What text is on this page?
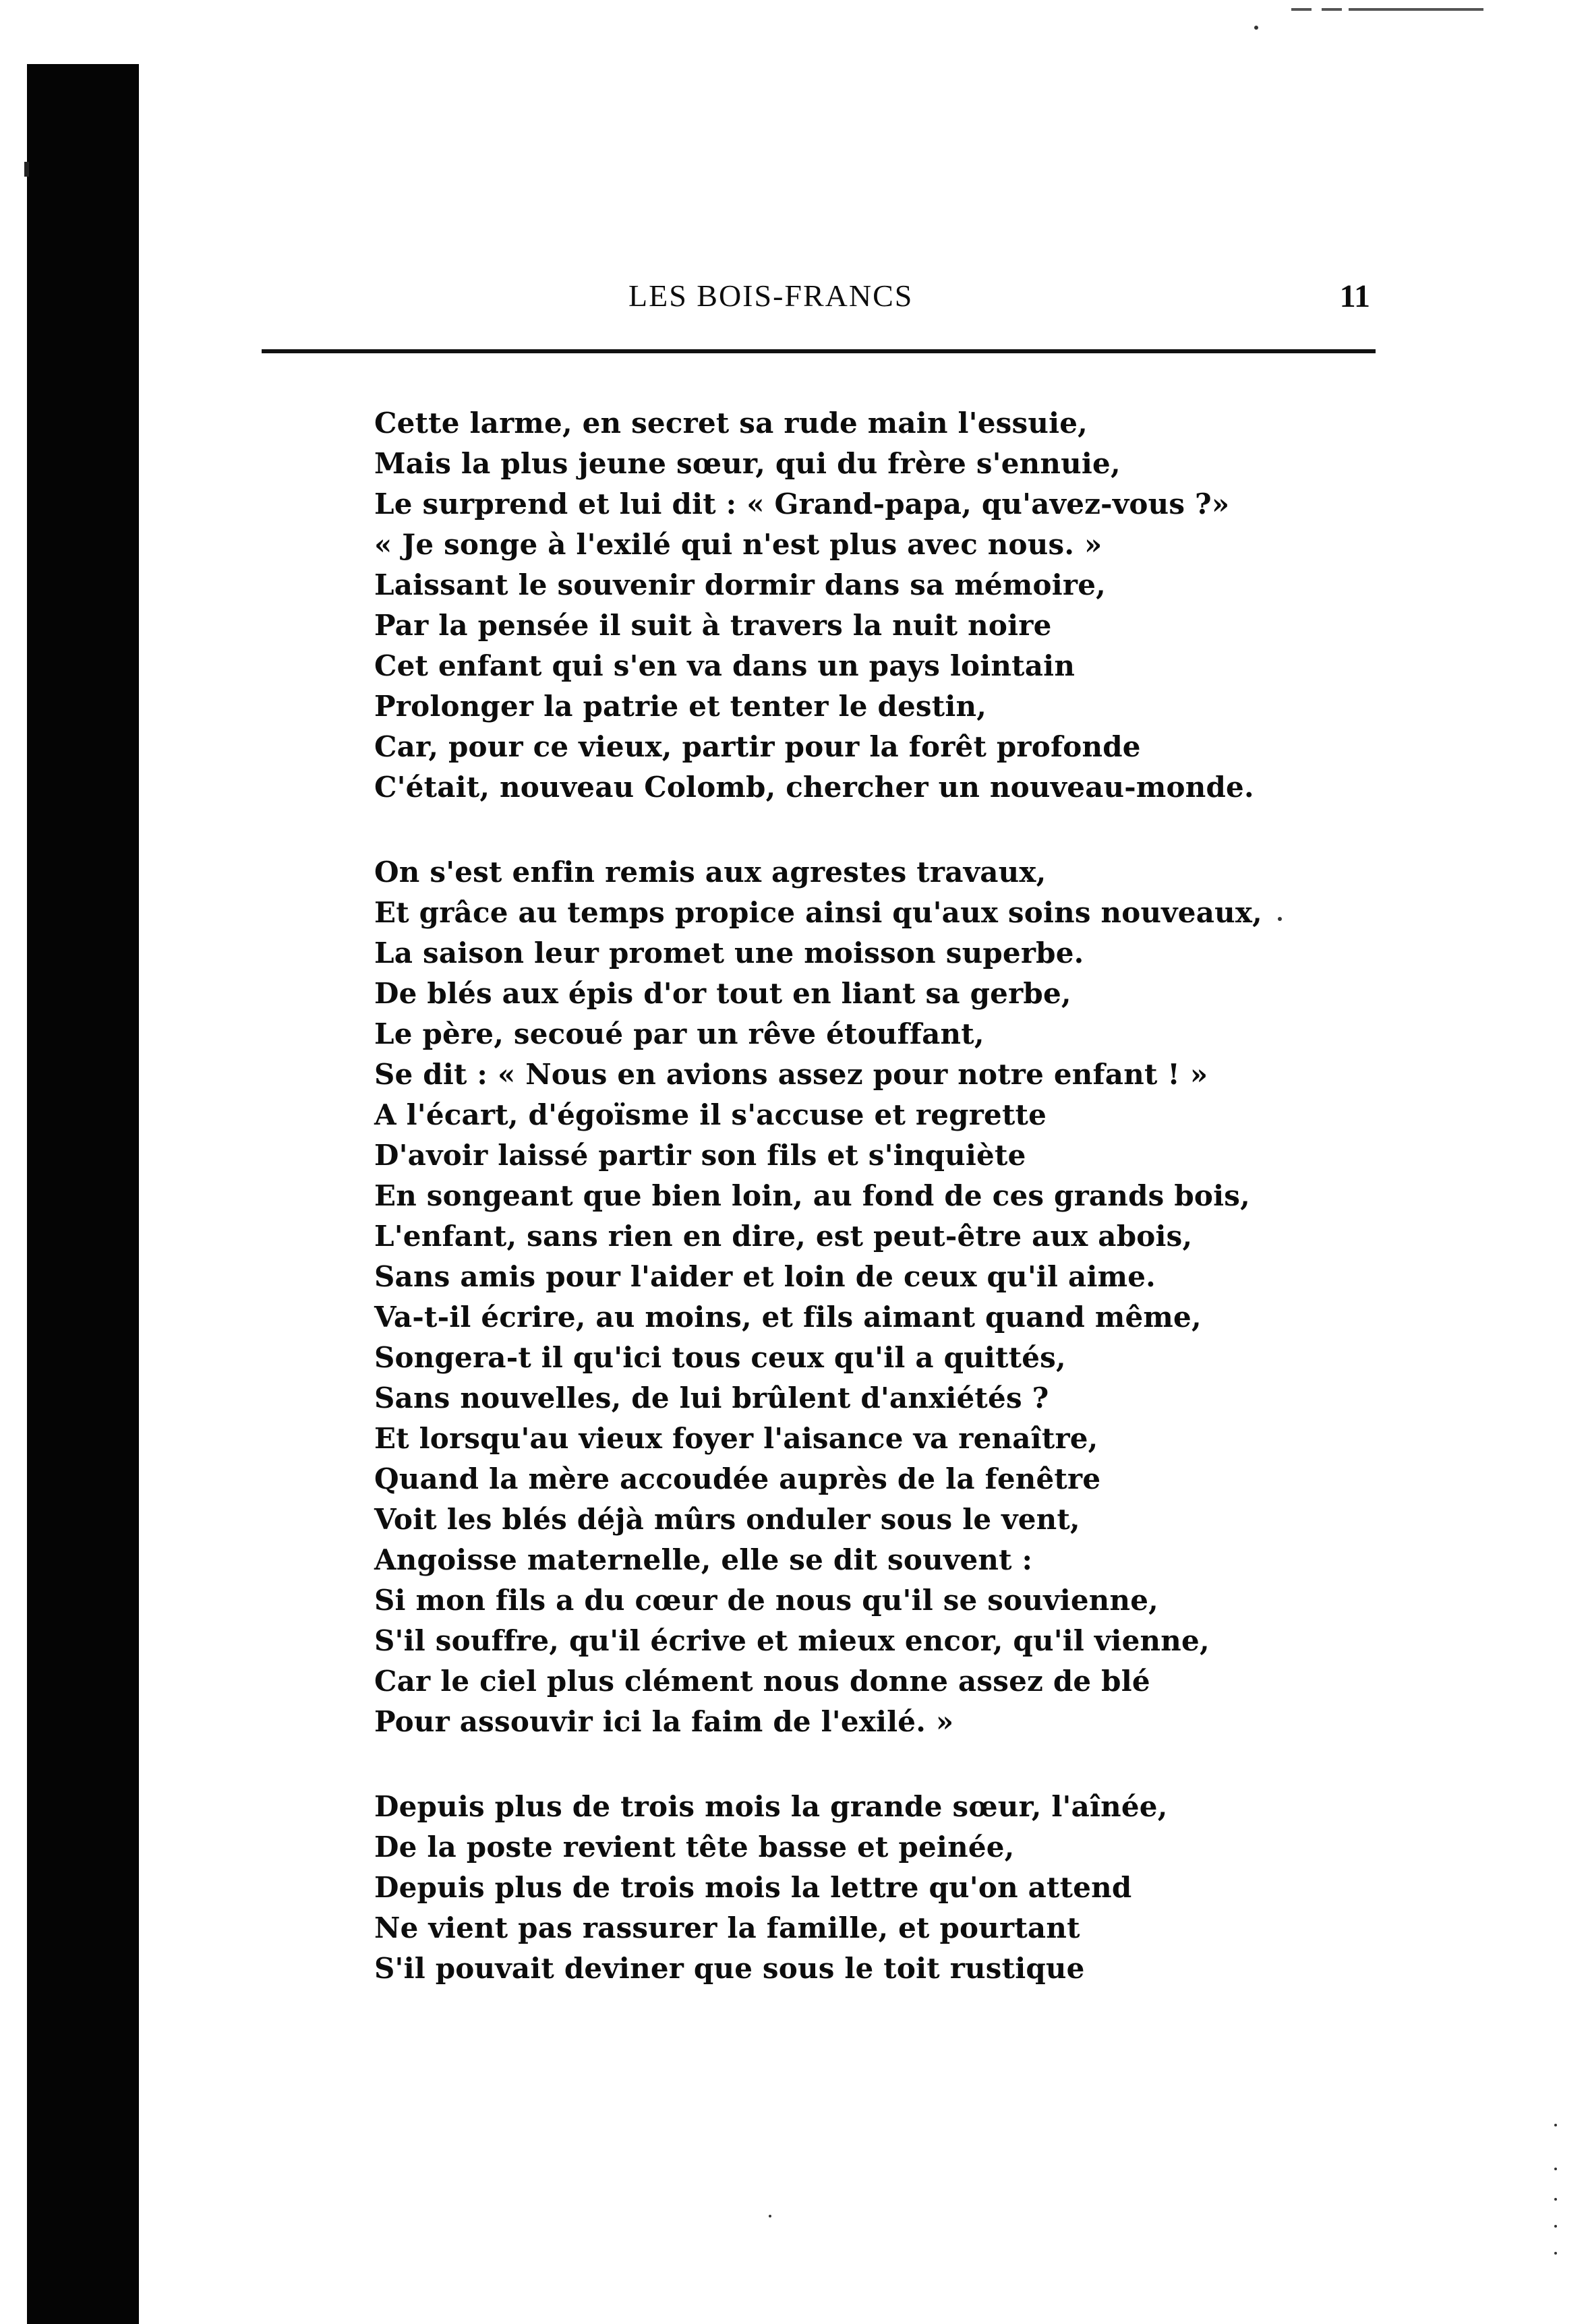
LES BOIS-FRANCS	11
Cette larme, en secret sa rude main l'essuie,
Mais la plus jeune sœur, qui du frère s'ennuie,
Le surprend et lui dit : « Grand-papa, qu'avez-vous ?»
« Je songe à l'exilé qui n'est plus avec nous. »
Laissant le souvenir dormir dans sa mémoire,
Par la pensée il suit à travers la nuit noire
Cet enfant qui s'en va dans un pays lointain
Prolonger la patrie et tenter le destin,
Car, pour ce vieux, partir pour la forêt profonde
C'était, nouveau Colomb, chercher un nouveau-monde.
On s'est enfin remis aux agrestes travaux,
Et grâce au temps propice ainsi qu'aux soins nouveaux,
La saison leur promet une moisson superbe.
De blés aux épis d'or tout en liant sa gerbe,
Le père, secoué par un rêve étouffant,
Se dit : « Nous en avions assez pour notre enfant ! »
A l'écart, d'égoïsme il s'accuse et regrette
D'avoir laissé partir son fils et s'inquiète
En songeant que bien loin, au fond de ces grands bois,
L'enfant, sans rien en dire, est peut-être aux abois,
Sans amis pour l'aider et loin de ceux qu'il aime.
Va-t-il écrire, au moins, et fils aimant quand même,
Songera-t il qu'ici tous ceux qu'il a quittés,
Sans nouvelles, de lui brûlent d'anxiétés ?
Et lorsqu'au vieux foyer l'aisance va renaître,
Quand la mère accoudée auprès de la fenêtre
Voit les blés déjà mûrs onduler sous le vent,
Angoisse maternelle, elle se dit souvent :
Si mon fils a du cœur de nous qu'il se souvienne,
S'il souffre, qu'il écrive et mieux encor, qu'il vienne,
Car le ciel plus clément nous donne assez de blé
Pour assouvir ici la faim de l'exilé. »
Depuis plus de trois mois la grande sœur, l'aînée,
De la poste revient tête basse et peinée,
Depuis plus de trois mois la lettre qu'on attend
Ne vient pas rassurer la famille, et pourtant
S'il pouvait deviner que sous le toit rustique
